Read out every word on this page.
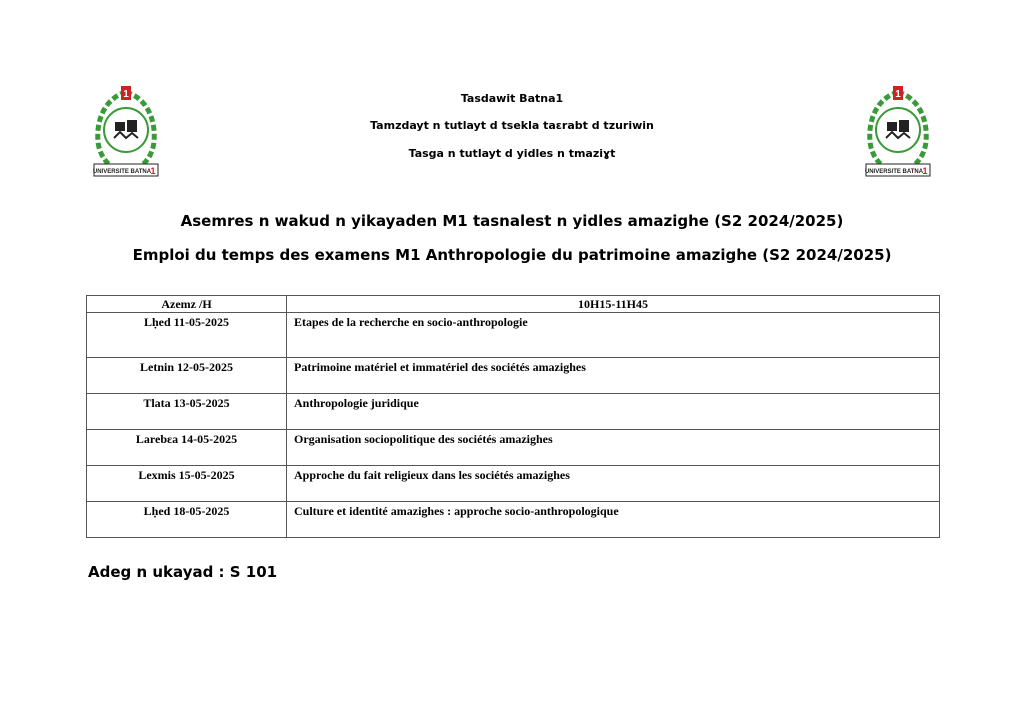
1
UNIVERSITE BATNA 1
1
UNIVERSITE BATNA 1
Tasdawit Batna1
Tamzdayt n tutlayt d tsekla taɛrabt d tzuriwin
Tasga n tutlayt d yidles n tmaziɣt
Asemres n wakud n yikayaden M1 tasnalest n yidles amazighe (S2 2024/2025)
Emploi du temps des examens M1 Anthropologie du patrimoine amazighe (S2 2024/2025)
Azemz /H	10H15-11H45
Lḥed 11-05-2025	Etapes de la recherche en socio-anthropologie
Letnin 12-05-2025	Patrimoine matériel et immatériel des sociétés amazighes
Tlata 13-05-2025	Anthropologie juridique
Larebɛa 14-05-2025	Organisation sociopolitique des sociétés amazighes
Lexmis 15-05-2025	Approche du fait religieux dans les sociétés amazighes
Lḥed 18-05-2025	Culture et identité amazighes : approche socio-anthropologique
Adeg n ukayad : S 101
